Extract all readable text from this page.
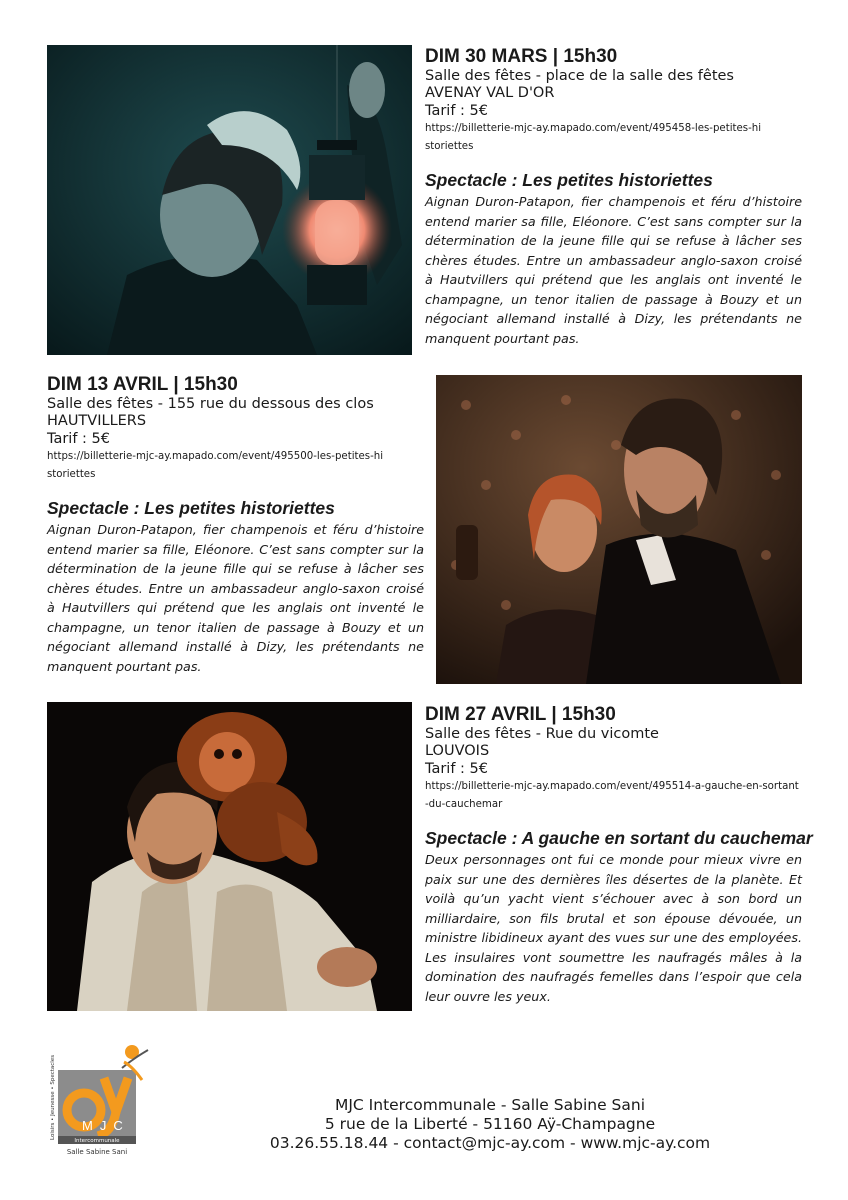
DIM 30 MARS | 15h30

Salle des fêtes - place de la salle des fêtes

AVENAY VAL D'OR

Tarif : 5€

https://billetterie-mjc-ay.mapado.com/event/495458-les-petites-historiettes

Spectacle : Les petites historiettes

Aignan Duron-Patapon, fier champenois et féru d’histoire entend marier sa fille, Eléonore. C’est sans compter sur la détermination de la jeune fille qui se refuse à lâcher ses chères études. Entre un ambassadeur anglo-saxon croisé à Hautvillers qui prétend que les anglais ont inventé le champagne, un tenor italien de passage à Bouzy et un négociant allemand installé à Dizy, les prétendants ne manquent pourtant pas.

DIM 13 AVRIL | 15h30

Salle des fêtes - 155 rue du dessous des clos

HAUTVILLERS

Tarif : 5€

https://billetterie-mjc-ay.mapado.com/event/495500-les-petites-historiettes

Spectacle : Les petites historiettes

Aignan Duron-Patapon, fier champenois et féru d’histoire entend marier sa fille, Eléonore. C’est sans compter sur la détermination de la jeune fille qui se refuse à lâcher ses chères études. Entre un ambassadeur anglo-saxon croisé à Hautvillers qui prétend que les anglais ont inventé le champagne, un tenor italien de passage à Bouzy et un négociant allemand installé à Dizy, les prétendants ne manquent pourtant pas.

DIM 27 AVRIL | 15h30

Salle des fêtes - Rue du vicomte

LOUVOIS

Tarif : 5€

https://billetterie-mjc-ay.mapado.com/event/495514-a-gauche-en-sortant-du-cauchemar

Spectacle : A gauche en sortant du cauchemar

Deux personnages ont fui ce monde pour mieux vivre en paix sur une des dernières îles désertes de la planète. Et voilà qu’un yacht vient s’échouer avec à son bord un milliardaire, son fils brutal et son épouse dévouée, un ministre libidineux ayant des vues sur une des employées. Les insulaires vont soumettre les naufragés mâles à la domination des naufragés femelles dans l’espoir que cela leur ouvre les yeux.

Loisirs • Jeunesse • Spectacles MJC
Intercommunale
Salle Sabine Sani
MJC Intercommunale - Salle Sabine Sani
5 rue de la Liberté - 51160 Aÿ-Champagne
03.26.55.18.44 - contact@mjc-ay.com - www.mjc-ay.com
